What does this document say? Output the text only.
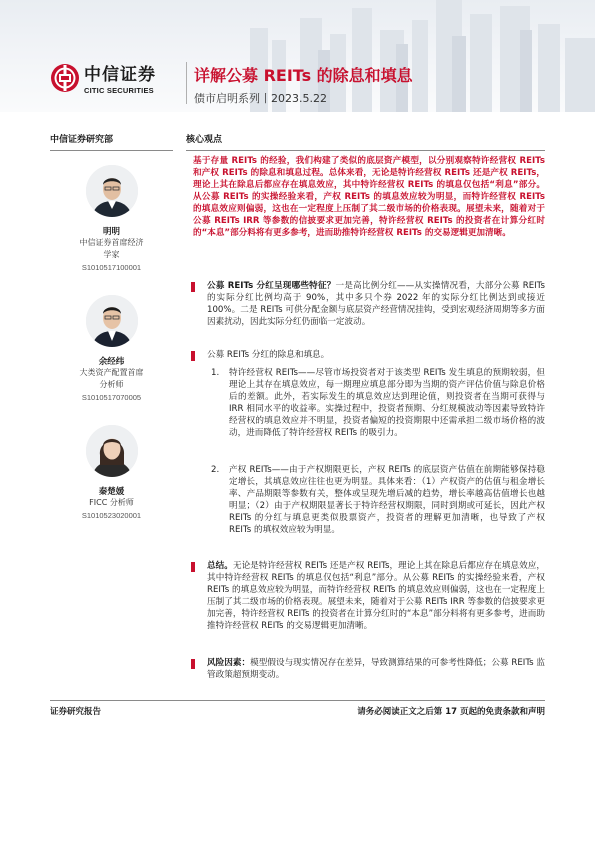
中信证券
CITIC SECURITIES
详解公募 REITs 的除息和填息
债市启明系列丨2023.5.22
中信证券研究部	核心观点
明明
中信证券首席经济
学家
S1010517100001
余经纬
大类资产配置首席
分析师
S1010517070005
秦楚媛
FICC 分析师
S1010523020001
基于存量 REITs 的经验，我们构建了类似的底层资产模型，以分别观察特许经营权 REITs 和产权 REITs 的除息和填息过程。总体来看，无论是特许经营权 REITs 还是产权 REITs，理论上其在除息后都应存在填息效应，其中特许经营权 REITs 的填息仅包括“利息”部分。从公募 REITs 的实操经验来看，产权 REITs 的填息效应较为明显，而特许经营权 REITs 的填息效应则偏弱，这也在一定程度上压制了其二级市场的价格表现。展望未来，随着对于公募 REITs IRR 等参数的信披要求更加完善，特许经营权 REITs 的投资者在计算分红时的“本息”部分料将有更多参考，进而助推特许经营权 REITs 的交易逻辑更加清晰。
公募 REITs 分红呈现哪些特征？一是高比例分红——从实操情况看，大部分公募 REITs 的实际分红比例均高于 90%，其中多只个券 2022 年的实际分红比例达到或接近 100%。二是 REITs 可供分配金额与底层资产经营情况挂钩，受到宏观经济周期等多方面因素扰动，因此实际分红仍面临一定波动。
公募 REITs 分红的除息和填息。
1. 特许经营权 REITs——尽管市场投资者对于该类型 REITs 发生填息的预期较弱，但理论上其存在填息效应，每一期理应填息部分即为当期的资产评估价值与除息价格后的差额。此外，若实际发生的填息效应达到理论值，则投资者在当期可获得与 IRR 相同水平的收益率。实操过程中，投资者预期、分红规模波动等因素导致特许经营权的填息效应并不明显，投资者偏短的投资期限中还需承担二级市场价格的波动，进而降低了特许经营权 REITs 的吸引力。
2. 产权 REITs——由于产权期限更长，产权 REITs 的底层资产估值在前期能够保持稳定增长，其填息效应往往也更为明显。具体来看：（1）产权资产的估值与租金增长率、产品期限等参数有关，整体或呈现先增后减的趋势，增长率越高估值增长也越明显；（2）由于产权期限显著长于特许经营权期限，同时到期或可延长，因此产权 REITs 的分红与填息更类似股票资产，投资者的理解更加清晰，也导致了产权 REITs 的填权效应较为明显。
总结。无论是特许经营权 REITs 还是产权 REITs，理论上其在除息后都应存在填息效应，其中特许经营权 REITs 的填息仅包括“利息”部分。从公募 REITs 的实操经验来看，产权 REITs 的填息效应较为明显，而特许经营权 REITs 的填息效应则偏弱，这也在一定程度上压制了其二级市场的价格表现。展望未来，随着对于公募 REITs IRR 等参数的信披要求更加完善，特许经营权 REITs 的投资者在计算分红时的“本息”部分料将有更多参考，进而助推特许经营权 REITs 的交易逻辑更加清晰。
风险因素：模型假设与现实情况存在差异，导致测算结果的可参考性降低；公募 REITs 监管政策超预期变动。
证券研究报告	请务必阅读正文之后第 17 页起的免责条款和声明
